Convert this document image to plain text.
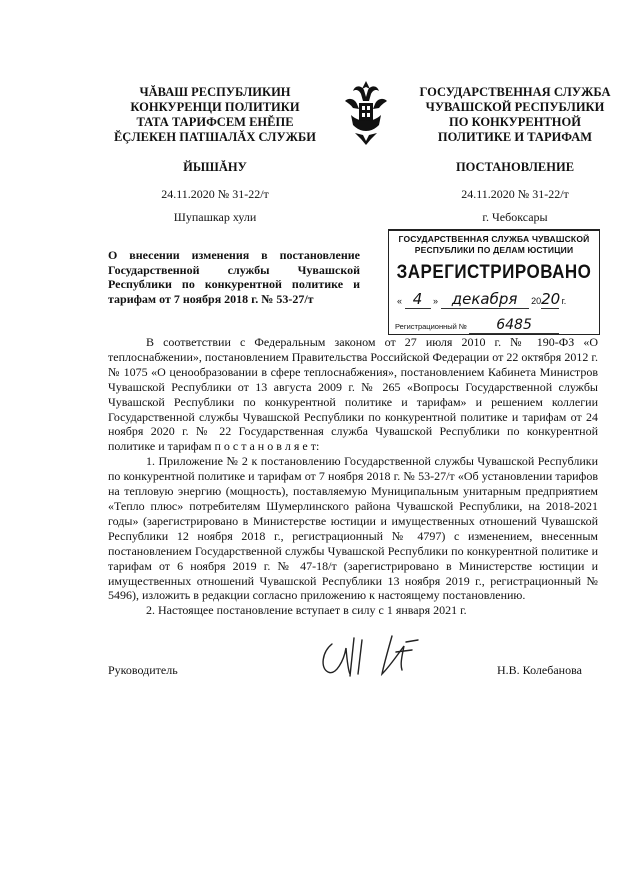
ЧĂВАШ РЕСПУБЛИКИН
КОНКУРЕНЦИ ПОЛИТИКИ
ТАТА ТАРИФСЕМ ЕНĔПЕ
ĔÇЛЕКЕН ПАТШАЛĂХ СЛУЖБИ
ГОСУДАРСТВЕННАЯ СЛУЖБА
ЧУВАШСКОЙ РЕСПУБЛИКИ
ПО КОНКУРЕНТНОЙ
ПОЛИТИКЕ И ТАРИФАМ
ЙЫШĂНУ	ПОСТАНОВЛЕНИЕ
24.11.2020 № 31-22/т	24.11.2020 № 31-22/т
Шупашкар хули	г. Чебоксары
О внесении изменения в постановление Государственной службы Чувашской Республики по конкурентной политике и тарифам от 7 ноября 2018 г. № 53-27/т
ГОСУДАРСТВЕННАЯ СЛУЖБА ЧУВАШСКОЙ
РЕСПУБЛИКИ ПО ДЕЛАМ ЮСТИЦИИ
ЗАРЕГИСТРИРОВАНО
« 4 » декабря 2020 г.
Регистрационный № 6485

В соответствии с Федеральным законом от 27 июля 2010 г. № 190-ФЗ «О теплоснабжении», постановлением Правительства Российской Федерации от 22 октября 2012 г. № 1075 «О ценообразовании в сфере теплоснабжения», постановлением Кабинета Министров Чувашской Республики от 13 августа 2009 г. № 265 «Вопросы Государственной службы Чувашской Республики по конкурентной политике и тарифам» и решением коллегии Государственной службы Чувашской Республики по конкурентной политике и тарифам от 24 ноября 2020 г. № 22 Государственная служба Чувашской Республики по конкурентной политике и тарифам п о с т а н о в л я е т:

1. Приложение № 2 к постановлению Государственной службы Чувашской Республики по конкурентной политике и тарифам от 7 ноября 2018 г. № 53-27/т «Об установлении тарифов на тепловую энергию (мощность), поставляемую Муниципальным унитарным предприятием «Тепло плюс» потребителям Шумерлинского района Чувашской Республики, на 2018-2021 годы» (зарегистрировано в Министерстве юстиции и имущественных отношений Чувашской Республики 12 ноября 2018 г., регистрационный № 4797) с изменением, внесенным постановлением Государственной службы Чувашской Республики по конкурентной политике и тарифам от 6 ноября 2019 г. № 47-18/т (зарегистрировано в Министерстве юстиции и имущественных отношений Чувашской Республики 13 ноября 2019 г., регистрационный № 5496), изложить в редакции согласно приложению к настоящему постановлению.

2. Настоящее постановление вступает в силу с 1 января 2021 г.

Руководитель	Н.В. Колебанова
